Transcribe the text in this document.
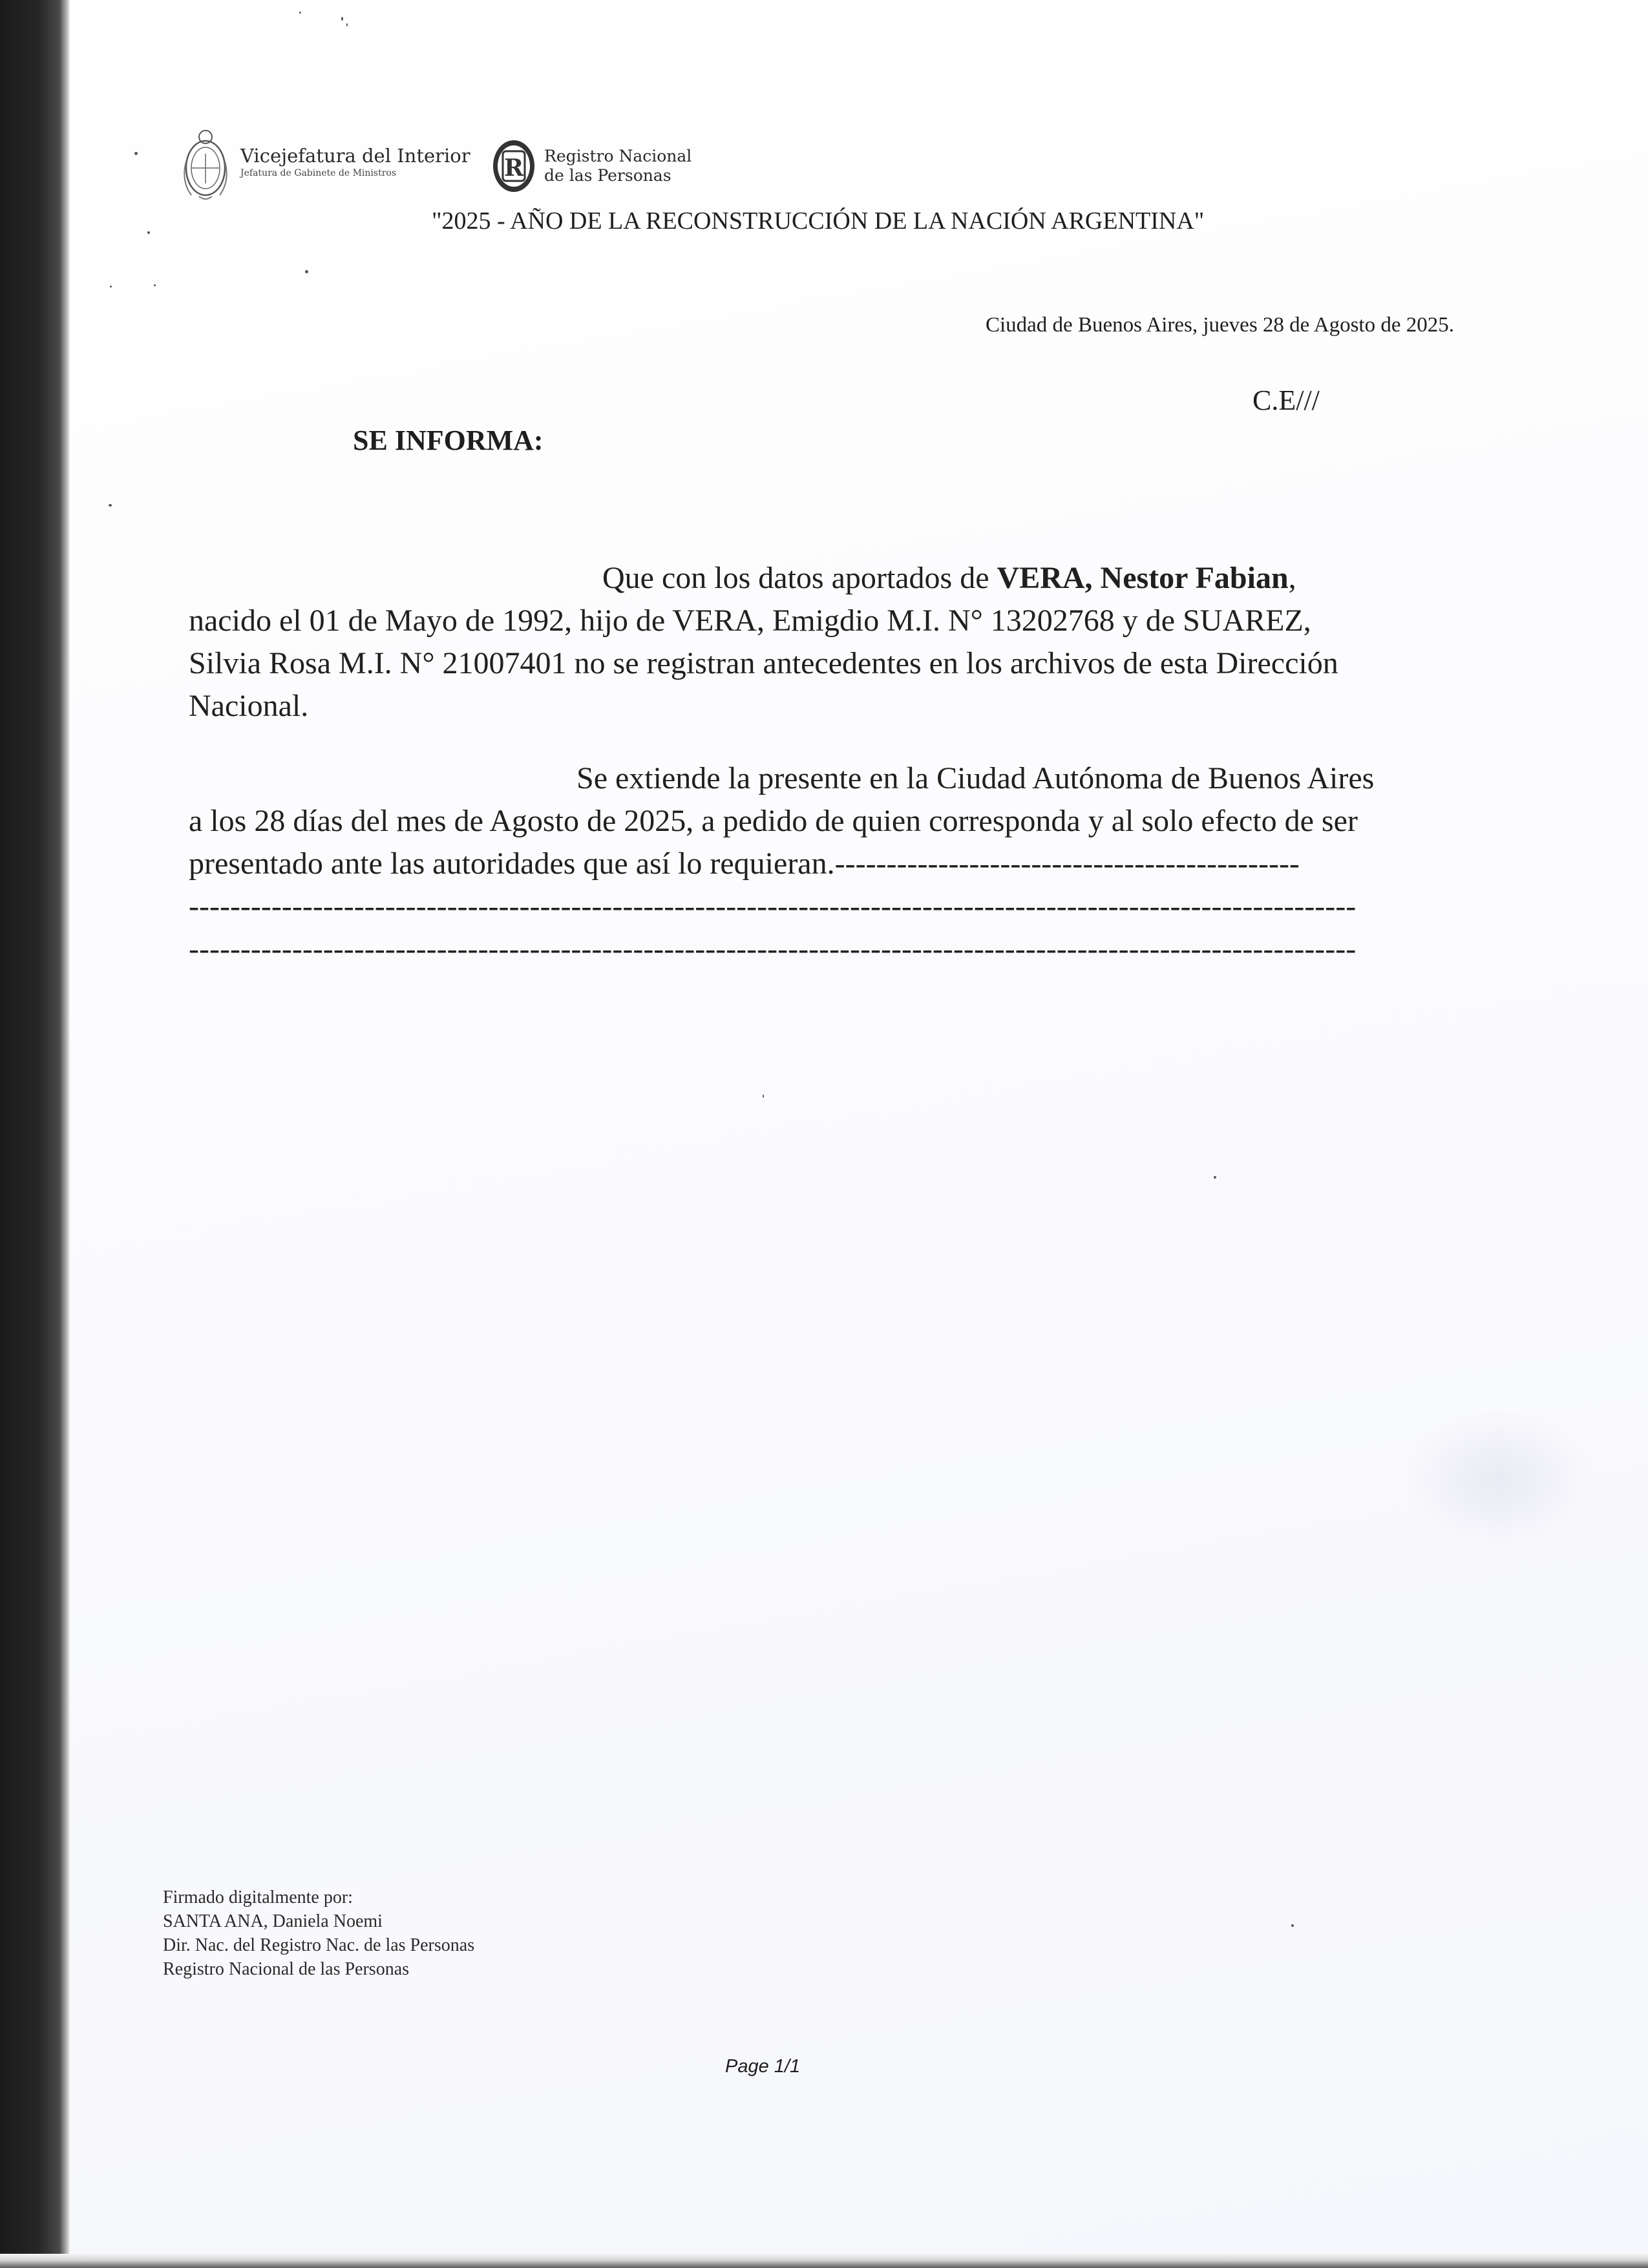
Vicejefatura del Interior
Jefatura de Gabinete de Ministros	R Registro Nacional
de las Personas
"2025 - AÑO DE LA RECONSTRUCCIÓN DE LA NACIÓN ARGENTINA"
Ciudad de Buenos Aires, jueves 28 de Agosto de 2025.
C.E///
SE INFORMA:
Que con los datos aportados de VERA, Nestor Fabian,
nacido el 01 de Mayo de 1992, hijo de VERA, Emigdio M.I. N° 13202768 y de SUAREZ,
Silvia Rosa M.I. N° 21007401 no se registran antecedentes en los archivos de esta Dirección
Nacional.
Se extiende la presente en la Ciudad Autónoma de Buenos Aires
a los 28 días del mes de Agosto de 2025, a pedido de quien corresponda y al solo efecto de ser
presentado ante las autoridades que así lo requieran.---------------------------------------------
-----------------------------------------------------------------------------------------------------------------
-----------------------------------------------------------------------------------------------------------------
Firmado digitalmente por:
SANTA ANA, Daniela Noemi
Dir. Nac. del Registro Nac. de las Personas
Registro Nacional de las Personas
Page 1/1
